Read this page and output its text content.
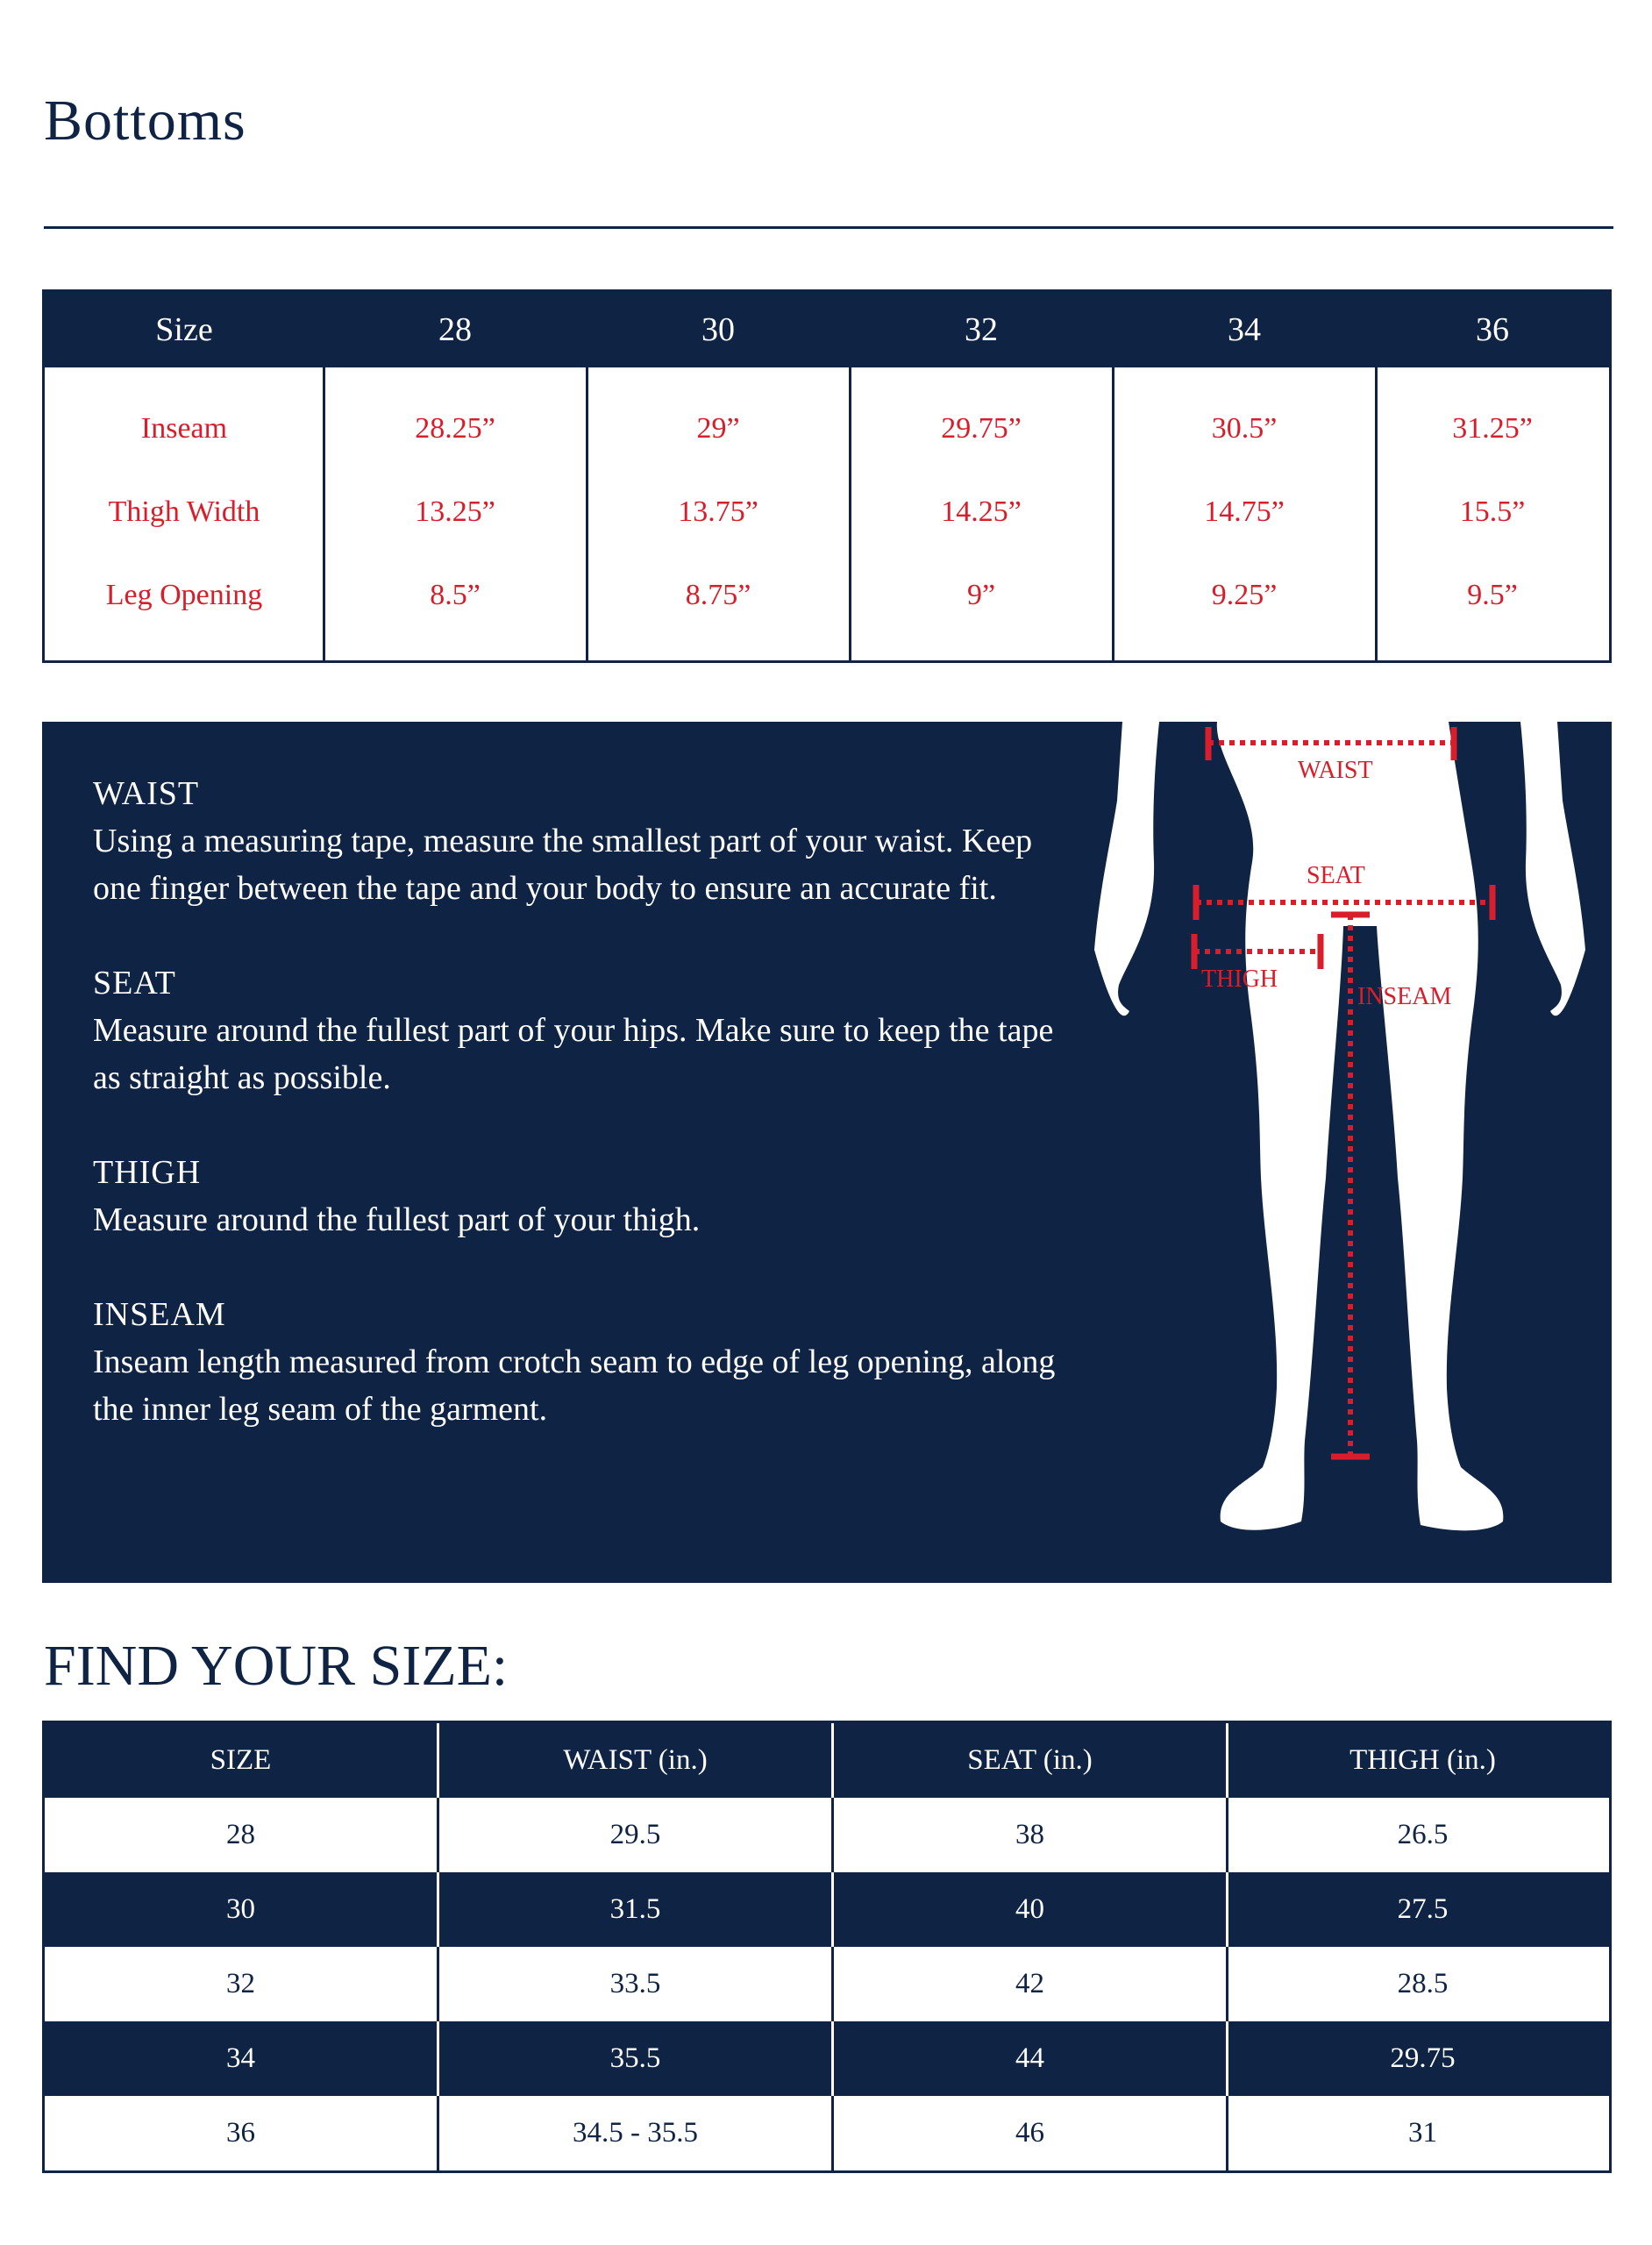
Bottoms
Size	28	30	32	34	36
Inseam	28.25”	29”	29.75”	30.5”	31.25”
Thigh Width	13.25”	13.75”	14.25”	14.75”	15.5”
Leg Opening	8.5”	8.75”	9”	9.25”	9.5”
WAIST
Using a measuring tape, measure the smallest part of your waist. Keep one finger between the tape and your body to ensure an accurate fit.
SEAT
Measure around the fullest part of your hips. Make sure to keep the tape as straight as possible.
THIGH
Measure around the fullest part of your thigh.
INSEAM
Inseam length measured from crotch seam to edge of leg opening, along the inner leg seam of the garment.
WAIST
SEAT
THIGH
INSEAM
FIND YOUR SIZE:
SIZE	WAIST (in.)	SEAT (in.)	THIGH (in.)
28	29.5	38	26.5
30	31.5	40	27.5
32	33.5	42	28.5
34	35.5	44	29.75
36	34.5 - 35.5	46	31
